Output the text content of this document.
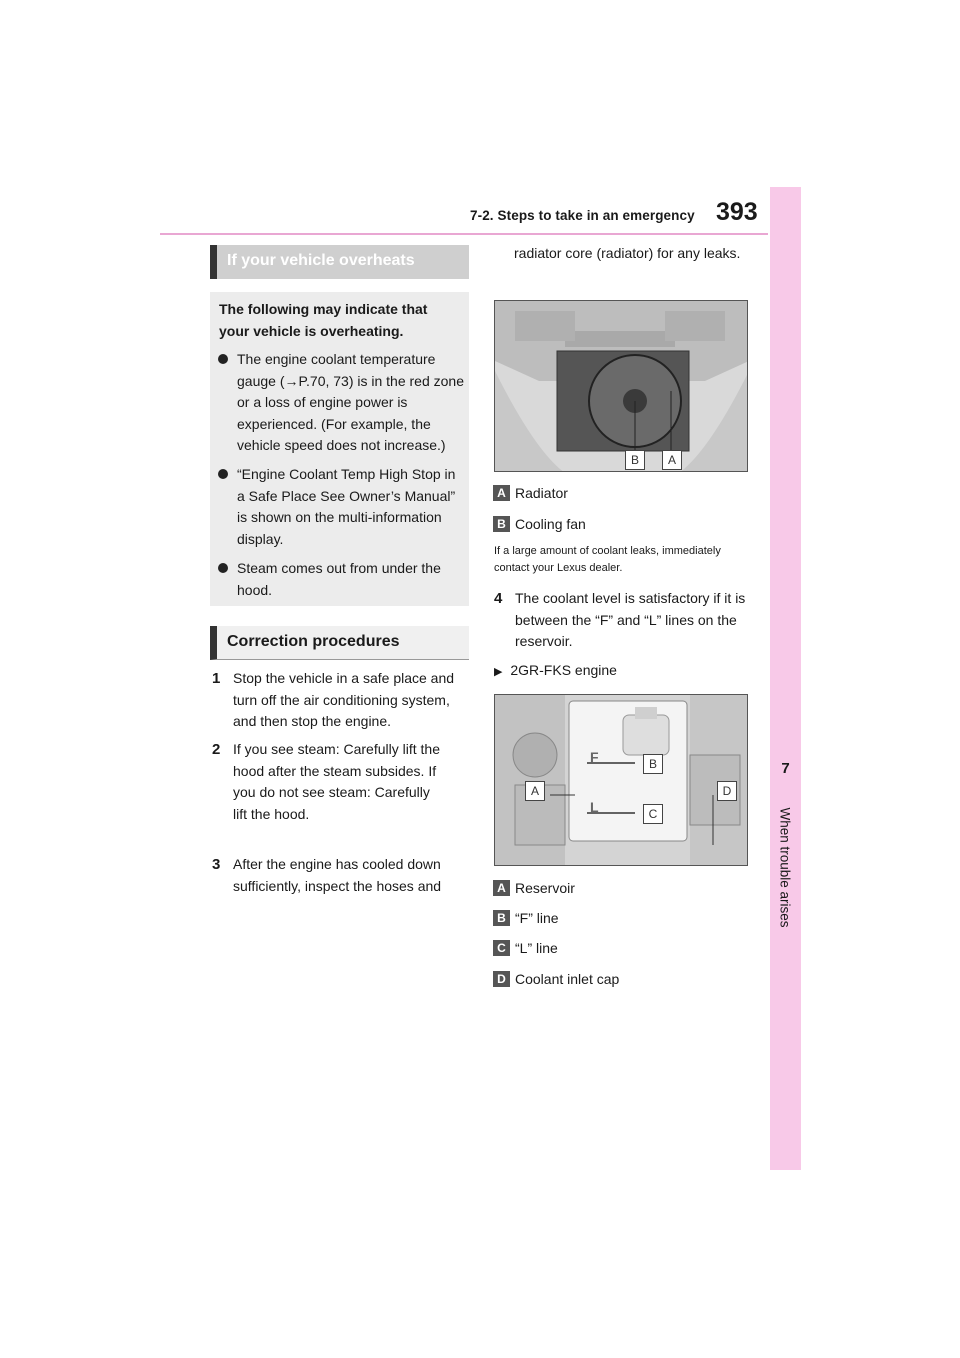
7-2. Steps to take in an emergency 393
7
When trouble arises
If your vehicle overheats
The following may indicate that your vehicle is overheating.
The engine coolant temperature gauge (→P.70, 73) is in the red zone or a loss of engine power is experienced. (For example, the vehicle speed does not increase.)
“Engine Coolant Temp High Stop in a Safe Place See Owner’s Manual” is shown on the multi-information display.
Steam comes out from under the hood.
Correction procedures
1 Stop the vehicle in a safe place and turn off the air conditioning system, and then stop the engine.
2 If you see steam: Carefully lift the hood after the steam subsides. If you do not see steam: Carefully lift the hood.
3 After the engine has cooled down sufficiently, inspect the hoses and
radiator core (radiator) for any leaks.
B	A
A Radiator
B Cooling fan
If a large amount of coolant leaks, immediately contact your Lexus dealer.
4 The coolant level is satisfactory if it is between the “F” and “L” lines on the reservoir.
▶ 2GR-FKS engine
F
L
B
C
A	D
A Reservoir
B “F” line
C “L” line
D Coolant inlet cap
